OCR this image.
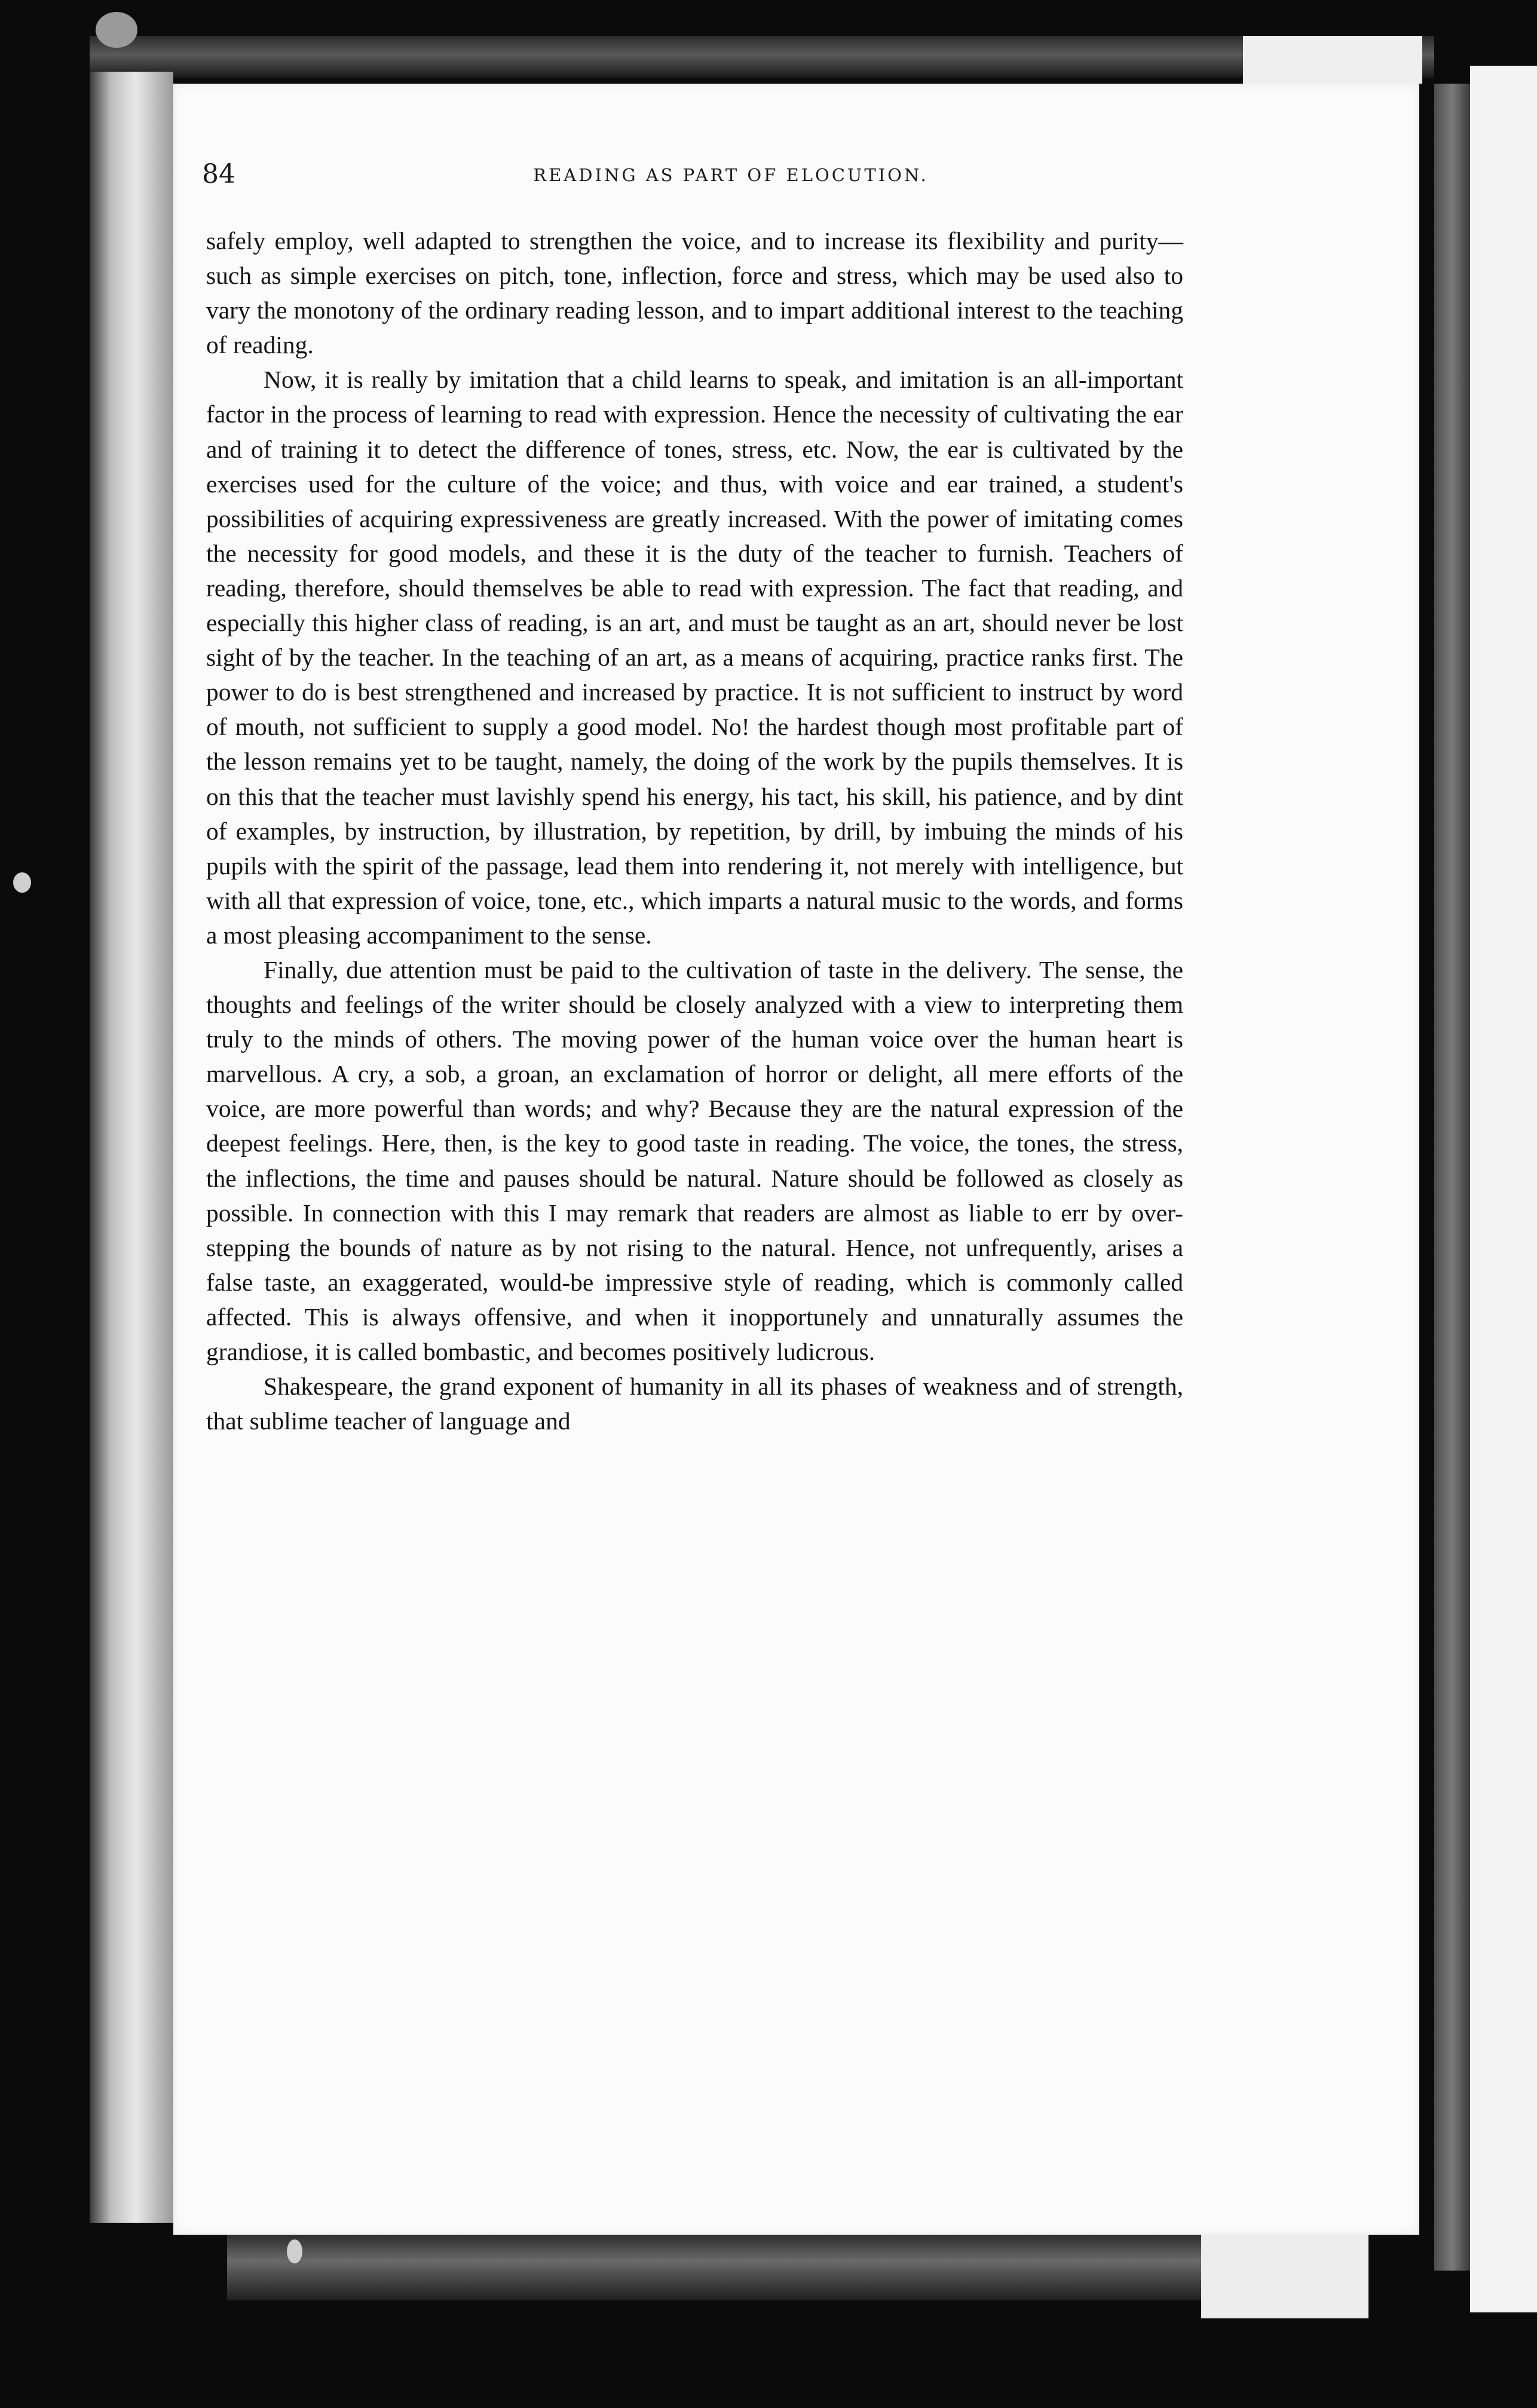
84	READING AS PART OF ELOCUTION.

safely employ, well adapted to strengthen the voice, and to increase its flexibility and purity—such as simple exercises on pitch, tone, inflection, force and stress, which may be used also to vary the monotony of the ordinary reading lesson, and to impart additional interest to the teaching of reading.

Now, it is really by imitation that a child learns to speak, and imitation is an all-important factor in the process of learning to read with expression. Hence the necessity of cultivating the ear and of training it to detect the difference of tones, stress, etc. Now, the ear is cultivated by the exercises used for the culture of the voice; and thus, with voice and ear trained, a student's possibilities of acquiring expressiveness are greatly increased. With the power of imitating comes the necessity for good models, and these it is the duty of the teacher to furnish. Teachers of reading, therefore, should themselves be able to read with expression. The fact that reading, and especially this higher class of reading, is an art, and must be taught as an art, should never be lost sight of by the teacher. In the teaching of an art, as a means of acquiring, practice ranks first. The power to do is best strengthened and increased by practice. It is not sufficient to instruct by word of mouth, not sufficient to supply a good model. No! the hardest though most profitable part of the lesson remains yet to be taught, namely, the doing of the work by the pupils themselves. It is on this that the teacher must lavishly spend his energy, his tact, his skill, his patience, and by dint of examples, by instruction, by illustration, by repetition, by drill, by imbuing the minds of his pupils with the spirit of the passage, lead them into rendering it, not merely with intelligence, but with all that expression of voice, tone, etc., which imparts a natural music to the words, and forms a most pleasing accompaniment to the sense.

Finally, due attention must be paid to the cultivation of taste in the delivery. The sense, the thoughts and feelings of the writer should be closely analyzed with a view to interpreting them truly to the minds of others. The moving power of the human voice over the human heart is marvellous. A cry, a sob, a groan, an exclamation of horror or delight, all mere efforts of the voice, are more powerful than words; and why? Because they are the natural expression of the deepest feelings. Here, then, is the key to good taste in reading. The voice, the tones, the stress, the inflections, the time and pauses should be natural. Nature should be followed as closely as possible. In connection with this I may remark that readers are almost as liable to err by over-stepping the bounds of nature as by not rising to the natural. Hence, not unfrequently, arises a false taste, an exaggerated, would-be impressive style of reading, which is commonly called affected. This is always offensive, and when it inopportunely and unnaturally assumes the grandiose, it is called bombastic, and becomes positively ludicrous.

Shakespeare, the grand exponent of humanity in all its phases of weakness and of strength, that sublime teacher of language and
